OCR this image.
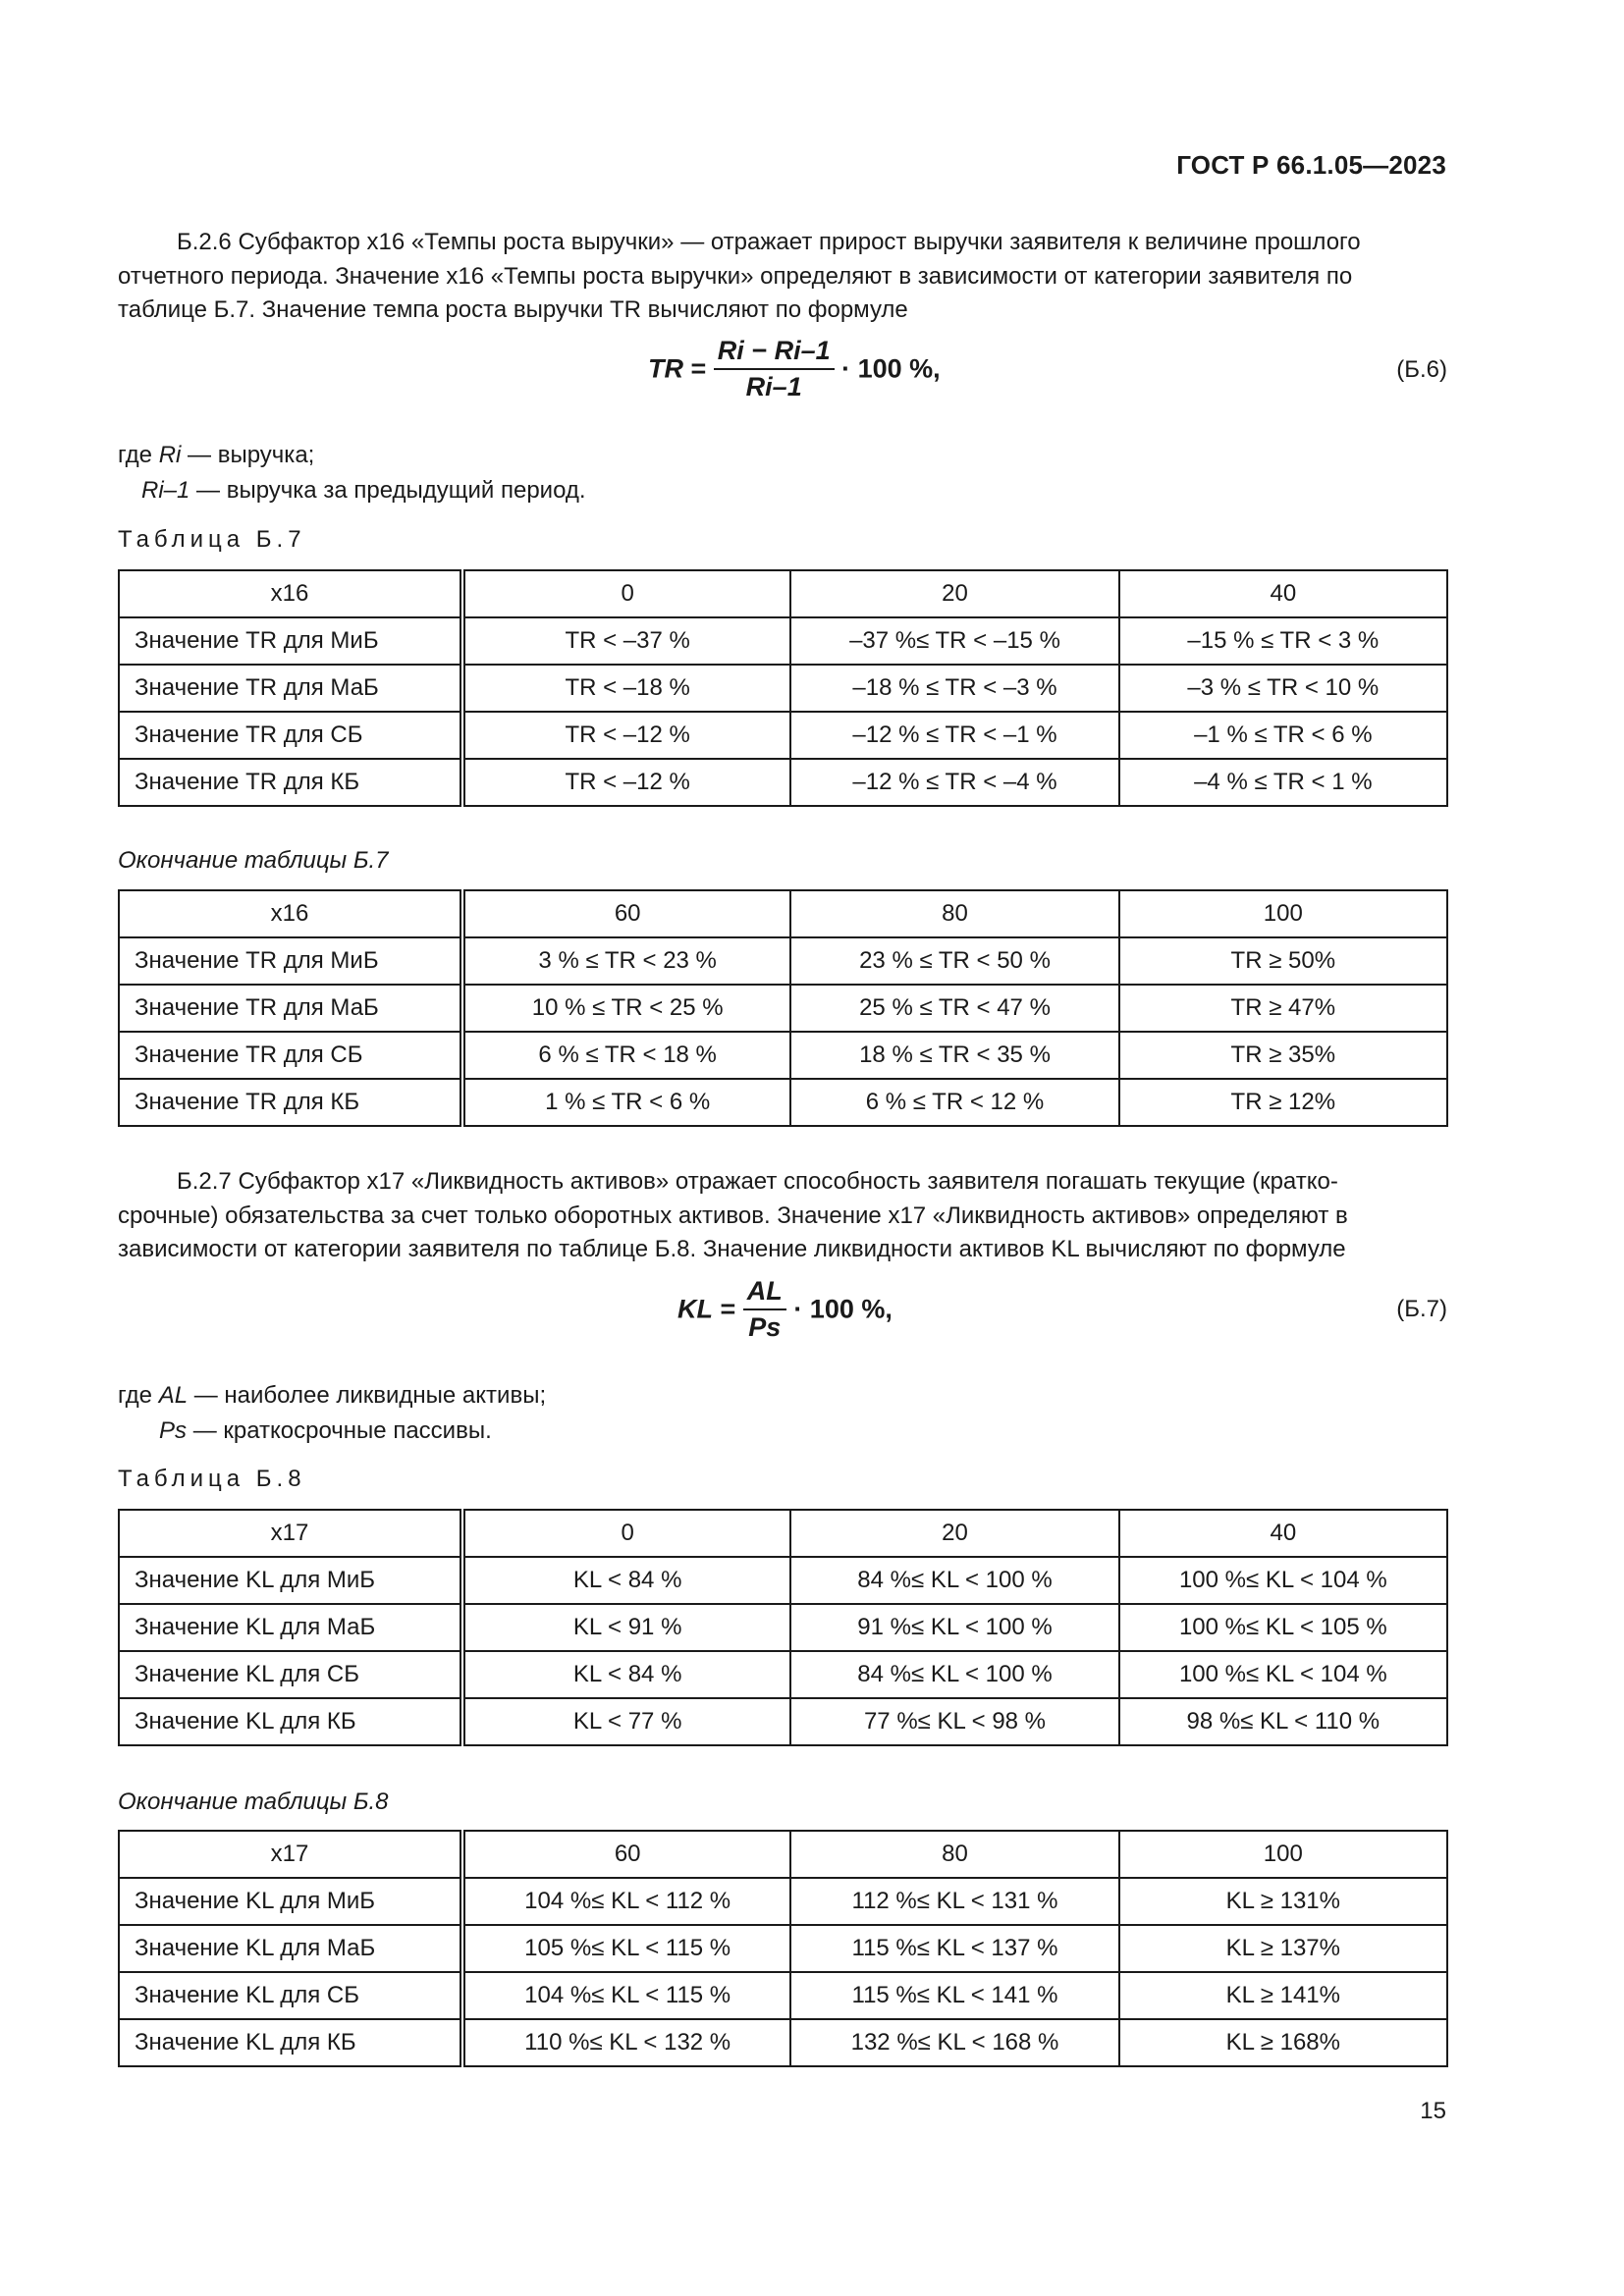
ГОСТ Р 66.1.05—2023
Б.2.6 Субфактор x16 «Темпы роста выручки» — отражает прирост выручки заявителя к величине прошлого
отчетного периода. Значение x16 «Темпы роста выручки» определяют в зависимости от категории заявителя по
таблице Б.7. Значение темпа роста выручки TR вычисляют по формуле
TR = $\frac{Ri - Ri-1}{Ri-1} \cdot 100$ %,	(Б.6)
где Ri — выручка;
Ri–1 — выручка за предыдущий период.
Таблица Б.7
x16	0	20	40
Значение TR для МиБ	TR < –37 %	–37 %≤ TR < –15 %	–15 % ≤ TR < 3 %
Значение TR для МаБ	TR < –18 %	–18 % ≤ TR < –3 %	–3 % ≤ TR < 10 %
Значение TR для СБ	TR < –12 %	–12 % ≤ TR < –1 %	–1 % ≤ TR < 6 %
Значение TR для КБ	TR < –12 %	–12 % ≤ TR < –4 %	–4 % ≤ TR < 1 %
Окончание таблицы Б.7
x16	60	80	100
Значение TR для МиБ	3 % ≤ TR < 23 %	23 % ≤ TR < 50 %	TR ≥ 50%
Значение TR для МаБ	10 % ≤ TR < 25 %	25 % ≤ TR < 47 %	TR ≥ 47%
Значение TR для СБ	6 % ≤ TR < 18 %	18 % ≤ TR < 35 %	TR ≥ 35%
Значение TR для КБ	1 % ≤ TR < 6 %	6 % ≤ TR < 12 %	TR ≥ 12%
Б.2.7 Субфактор x17 «Ликвидность активов» отражает способность заявителя погашать текущие (кратко-
срочные) обязательства за счет только оборотных активов. Значение x17 «Ликвидность активов» определяют в
зависимости от категории заявителя по таблице Б.8. Значение ликвидности активов KL вычисляют по формуле
KL = $\frac{AL}{Ps} \cdot 100$ %,	(Б.7)
где AL — наиболее ликвидные активы;
Ps — краткосрочные пассивы.
Таблица Б.8
x17	0	20	40
Значение KL для МиБ	KL < 84 %	84 %≤ KL < 100 %	100 %≤ KL < 104 %
Значение KL для МаБ	KL < 91 %	91 %≤ KL < 100 %	100 %≤ KL < 105 %
Значение KL для СБ	KL < 84 %	84 %≤ KL < 100 %	100 %≤ KL < 104 %
Значение KL для КБ	KL < 77 %	77 %≤ KL < 98 %	98 %≤ KL < 110 %
Окончание таблицы Б.8
x17	60	80	100
Значение KL для МиБ	104 %≤ KL < 112 %	112 %≤ KL < 131 %	KL ≥ 131%
Значение KL для МаБ	105 %≤ KL < 115 %	115 %≤ KL < 137 %	KL ≥ 137%
Значение KL для СБ	104 %≤ KL < 115 %	115 %≤ KL < 141 %	KL ≥ 141%
Значение KL для КБ	110 %≤ KL < 132 %	132 %≤ KL < 168 %	KL ≥ 168%
15
